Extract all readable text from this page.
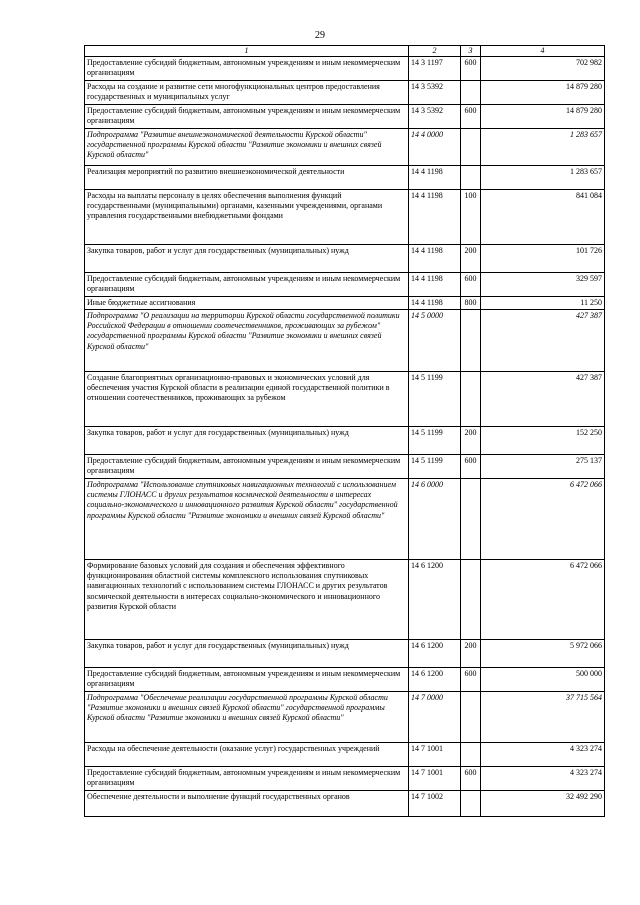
29
1	2	3	4
Предоставление субсидий бюджетным, автономным учреждениям и иным некоммерческим организациям	14 3 1197	600	702 982
Расходы на создание и развитие сети многофункциональных центров предоставления государственных и муниципальных услуг	14 3 5392		14 879 280
Предоставление субсидий бюджетным, автономным учреждениям и иным некоммерческим организациям	14 3 5392	600	14 879 280
Подпрограмма "Развитие внешнеэкономической деятельности Курской области" государственной программы Курской области "Развитие экономики и внешних связей Курской области"	14 4 0000		1 283 657
Реализация мероприятий по развитию внешнеэкономической деятельности	14 4 1198		1 283 657
Расходы на выплаты персоналу в целях обеспечения выполнения функций государственными (муниципальными) органами, казенными учреждениями, органами управления государственными внебюджетными фондами	14 4 1198	100	841 084
Закупка товаров, работ и услуг для государственных (муниципальных) нужд	14 4 1198	200	101 726
Предоставление субсидий бюджетным, автономным учреждениям и иным некоммерческим организациям	14 4 1198	600	329 597
Иные бюджетные ассигнования	14 4 1198	800	11 250
Подпрограмма "О реализации на территории Курской области государственной политики Российской Федерации в отношении соотечественников, проживающих за рубежом" государственной программы Курской области "Развитие экономики и внешних связей Курской области"	14 5 0000		427 387
Создание благоприятных организационно-правовых и экономических условий для обеспечения участия Курской области в реализации единой государственной политики в отношении соотечественников, проживающих за рубежом	14 5 1199		427 387
Закупка товаров, работ и услуг для государственных (муниципальных) нужд	14 5 1199	200	152 250
Предоставление субсидий бюджетным, автономным учреждениям и иным некоммерческим организациям	14 5 1199	600	275 137
Подпрограмма "Использование спутниковых навигационных технологий с использованием системы ГЛОНАСС и других результатов космической деятельности в интересах социально-экономического и инновационного развития Курской области" государственной программы Курской области "Развитие экономики и внешних связей Курской области"	14 6 0000		6 472 066
Формирование базовых условий для создания и обеспечения эффективного функционирования областной системы комплексного использования спутниковых навигационных технологий с использованием системы ГЛОНАСС и других результатов космической деятельности в интересах социально-экономического и инновационного развития Курской области	14 6 1200		6 472 066
Закупка товаров, работ и услуг для государственных (муниципальных) нужд	14 6 1200	200	5 972 066
Предоставление субсидий бюджетным, автономным учреждениям и иным некоммерческим организациям	14 6 1200	600	500 000
Подпрограмма "Обеспечение реализации государственной программы Курской области "Развитие экономики и внешних связей Курской области" государственной программы Курской области "Развитие экономики и внешних связей Курской области"	14 7 0000		37 715 564
Расходы на обеспечение деятельности (оказание услуг) государственных учреждений	14 7 1001		4 323 274
Предоставление субсидий бюджетным, автономным учреждениям и иным некоммерческим организациям	14 7 1001	600	4 323 274
Обеспечение деятельности и выполнение функций государственных органов	14 7 1002		32 492 290
